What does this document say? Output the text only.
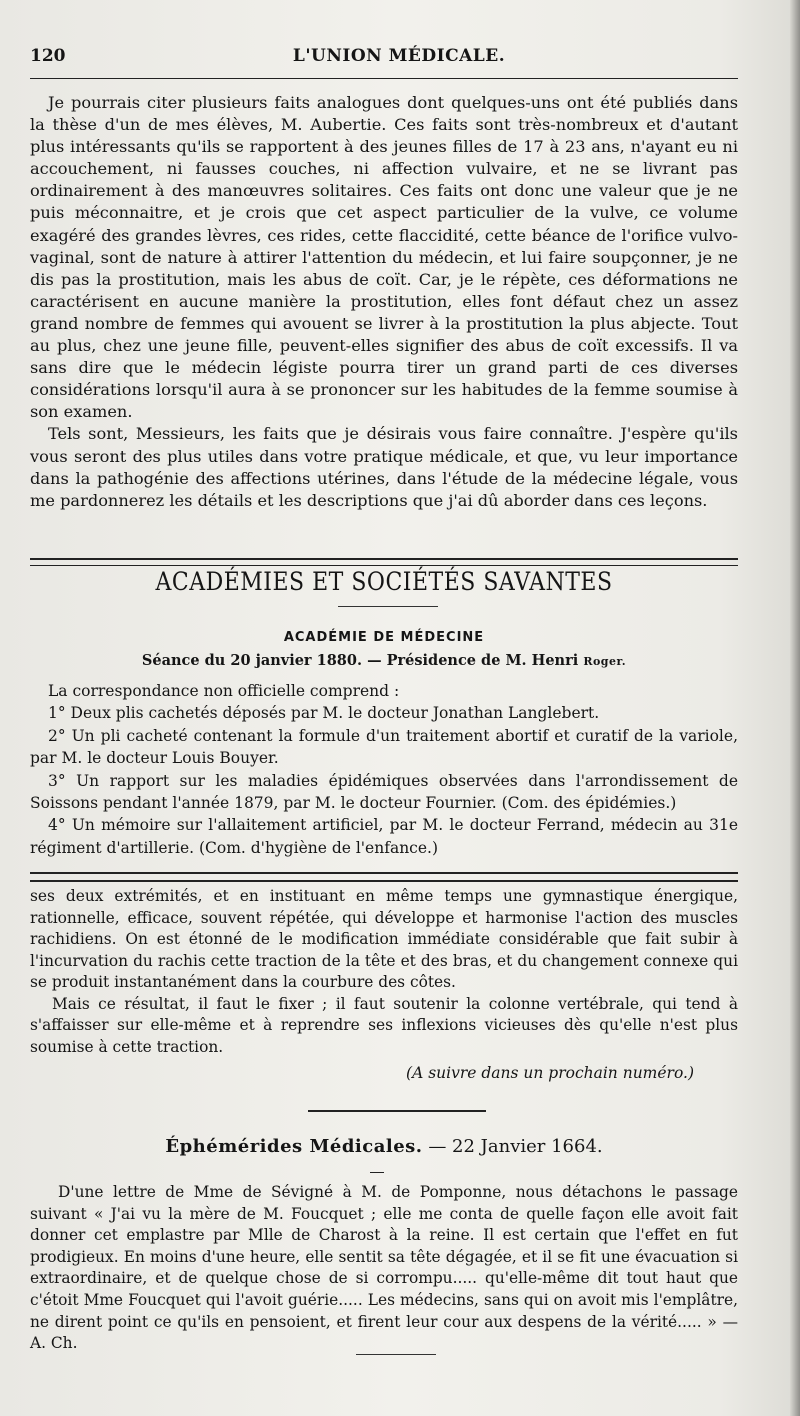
120	L'UNION MÉDICALE.

Je pourrais citer plusieurs faits analogues dont quelques-uns ont été publiés dans la thèse d'un de mes élèves, M. Aubertie. Ces faits sont très-nombreux et d'autant plus intéressants qu'ils se rapportent à des jeunes filles de 17 à 23 ans, n'ayant eu ni accouchement, ni fausses couches, ni affection vulvaire, et ne se livrant pas ordinairement à des manœuvres solitaires. Ces faits ont donc une valeur que je ne puis méconnaitre, et je crois que cet aspect particulier de la vulve, ce volume exagéré des grandes lèvres, ces rides, cette flaccidité, cette béance de l'orifice vulvo-vaginal, sont de nature à attirer l'attention du médecin, et lui faire soupçonner, je ne dis pas la prostitution, mais les abus de coït. Car, je le répète, ces déformations ne caractérisent en aucune manière la prostitution, elles font défaut chez un assez grand nombre de femmes qui avouent se livrer à la prostitution la plus abjecte. Tout au plus, chez une jeune fille, peuvent-elles signifier des abus de coït excessifs. Il va sans dire que le médecin légiste pourra tirer un grand parti de ces diverses considérations lorsqu'il aura à se prononcer sur les habitudes de la femme soumise à son examen.

Tels sont, Messieurs, les faits que je désirais vous faire connaître. J'espère qu'ils vous seront des plus utiles dans votre pratique médicale, et que, vu leur importance dans la pathogénie des affections utérines, dans l'étude de la médecine légale, vous me pardonnerez les détails et les descriptions que j'ai dû aborder dans ces leçons.

ACADÉMIES ET SOCIÉTÉS SAVANTES
ACADÉMIE DE MÉDECINE
Séance du 20 janvier 1880. — Présidence de M. Henri Roger.

La correspondance non officielle comprend :

1° Deux plis cachetés déposés par M. le docteur Jonathan Langlebert.

2° Un pli cacheté contenant la formule d'un traitement abortif et curatif de la variole, par M. le docteur Louis Bouyer.

3° Un rapport sur les maladies épidémiques observées dans l'arrondissement de Soissons pendant l'année 1879, par M. le docteur Fournier. (Com. des épidémies.)

4° Un mémoire sur l'allaitement artificiel, par M. le docteur Ferrand, médecin au 31e régiment d'artillerie. (Com. d'hygiène de l'enfance.)

ses deux extrémités, et en instituant en même temps une gymnastique énergique, rationnelle, efficace, souvent répétée, qui développe et harmonise l'action des muscles rachidiens. On est étonné de le modification immédiate considérable que fait subir à l'incurvation du rachis cette traction de la tête et des bras, et du changement connexe qui se produit instantanément dans la courbure des côtes.

Mais ce résultat, il faut le fixer ; il faut soutenir la colonne vertébrale, qui tend à s'affaisser sur elle-même et à reprendre ses inflexions vicieuses dès qu'elle n'est plus soumise à cette traction.

(A suivre dans un prochain numéro.)
Éphémérides Médicales. — 22 Janvier 1664.

D'une lettre de Mme de Sévigné à M. de Pomponne, nous détachons le passage suivant « J'ai vu la mère de M. Foucquet ; elle me conta de quelle façon elle avoit fait donner cet emplastre par Mlle de Charost à la reine. Il est certain que l'effet en fut prodigieux. En moins d'une heure, elle sentit sa tête dégagée, et il se fit une évacuation si extraordinaire, et de quelque chose de si corrompu..... qu'elle-même dit tout haut que c'étoit Mme Foucquet qui l'avoit guérie..... Les médecins, sans qui on avoit mis l'emplâtre, ne dirent point ce qu'ils en pensoient, et firent leur cour aux despens de la vérité..... » — A. Ch.
